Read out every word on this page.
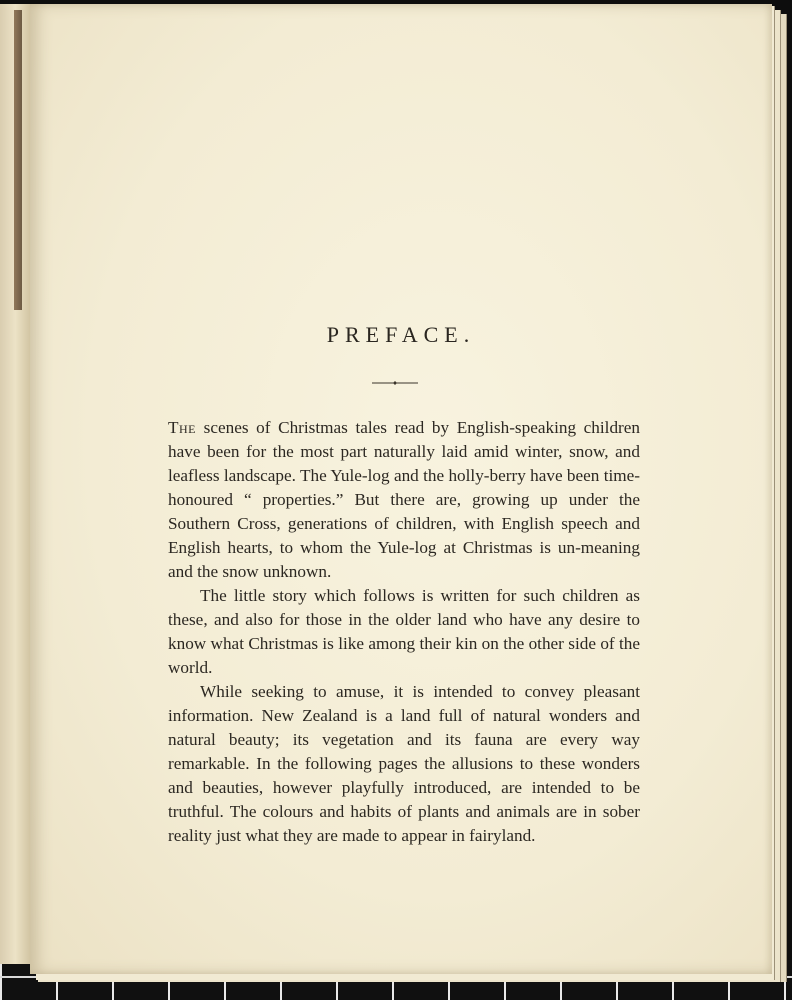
PREFACE.

The scenes of Christmas tales read by English-speaking children have been for the most part naturally laid amid winter, snow, and leafless landscape. The Yule-log and the holly-berry have been time-honoured “ properties.” But there are, growing up under the Southern Cross, generations of children, with English speech and English hearts, to whom the Yule-log at Christmas is un-meaning and the snow unknown.

The little story which follows is written for such children as these, and also for those in the older land who have any desire to know what Christmas is like among their kin on the other side of the world.

While seeking to amuse, it is intended to convey pleasant information. New Zealand is a land full of natural wonders and natural beauty; its vegetation and its fauna are every way remarkable. In the following pages the allusions to these wonders and beauties, however playfully introduced, are intended to be truthful. The colours and habits of plants and animals are in sober reality just what they are made to appear in fairyland.
